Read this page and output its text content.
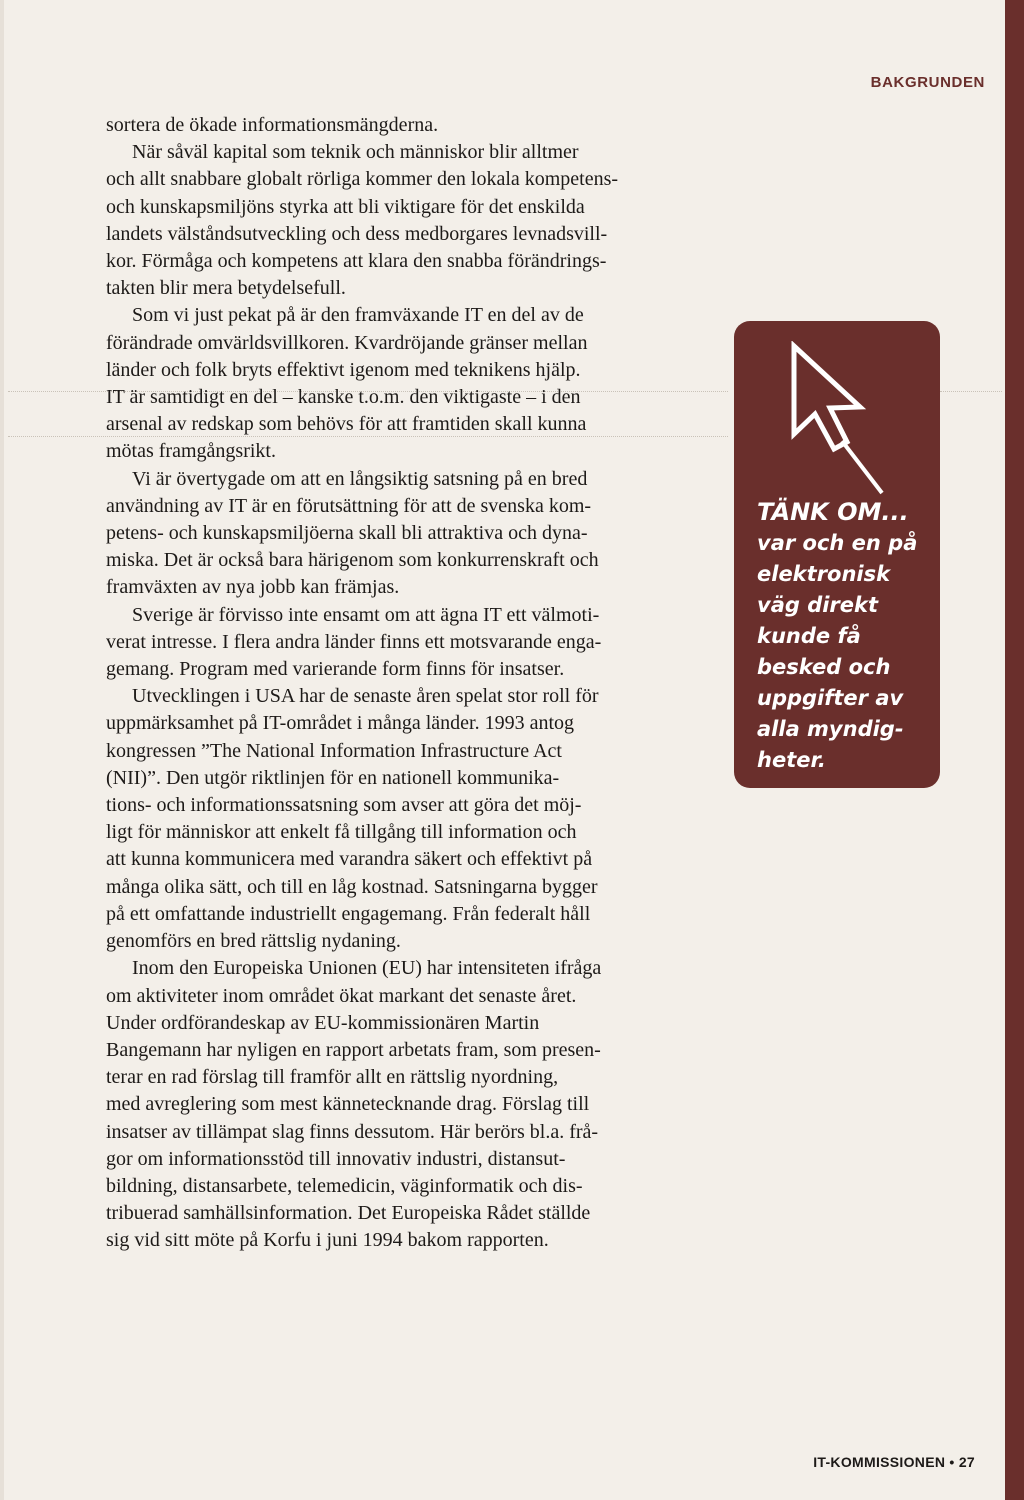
BAKGRUNDEN
sortera de ökade informationsmängderna.
När såväl kapital som teknik och människor blir alltmer
och allt snabbare globalt rörliga kommer den lokala kompetens-
och kunskapsmiljöns styrka att bli viktigare för det enskilda
landets välståndsutveckling och dess medborgares levnadsvill-
kor. Förmåga och kompetens att klara den snabba förändrings-
takten blir mera betydelsefull.
Som vi just pekat på är den framväxande IT en del av de
förändrade omvärldsvillkoren. Kvardröjande gränser mellan
länder och folk bryts effektivt igenom med teknikens hjälp.
IT är samtidigt en del – kanske t.o.m. den viktigaste – i den
arsenal av redskap som behövs för att framtiden skall kunna
mötas framgångsrikt.
Vi är övertygade om att en långsiktig satsning på en bred
användning av IT är en förutsättning för att de svenska kom-
petens- och kunskapsmiljöerna skall bli attraktiva och dyna-
miska. Det är också bara härigenom som konkurrenskraft och
framväxten av nya jobb kan främjas.
Sverige är förvisso inte ensamt om att ägna IT ett välmoti-
verat intresse. I flera andra länder finns ett motsvarande enga-
gemang. Program med varierande form finns för insatser.
Utvecklingen i USA har de senaste åren spelat stor roll för
uppmärksamhet på IT-området i många länder. 1993 antog
kongressen ”The National Information Infrastructure Act
(NII)”. Den utgör riktlinjen för en nationell kommunika-
tions- och informationssatsning som avser att göra det möj-
ligt för människor att enkelt få tillgång till information och
att kunna kommunicera med varandra säkert och effektivt på
många olika sätt, och till en låg kostnad. Satsningarna bygger
på ett omfattande industriellt engagemang. Från federalt håll
genomförs en bred rättslig nydaning.
Inom den Europeiska Unionen (EU) har intensiteten ifråga
om aktiviteter inom området ökat markant det senaste året.
Under ordförandeskap av EU-kommissionären Martin
Bangemann har nyligen en rapport arbetats fram, som presen-
terar en rad förslag till framför allt en rättslig nyordning,
med avreglering som mest kännetecknande drag. Förslag till
insatser av tillämpat slag finns dessutom. Här berörs bl.a. frå-
gor om informationsstöd till innovativ industri, distansut-
bildning, distansarbete, telemedicin, väginformatik och dis-
tribuerad samhällsinformation. Det Europeiska Rådet ställde
sig vid sitt möte på Korfu i juni 1994 bakom rapporten.
TÄNK OM...
var och en på
elektronisk
väg direkt
kunde få
besked och
uppgifter av
alla myndig-
heter.
IT-KOMMISSIONEN • 27
